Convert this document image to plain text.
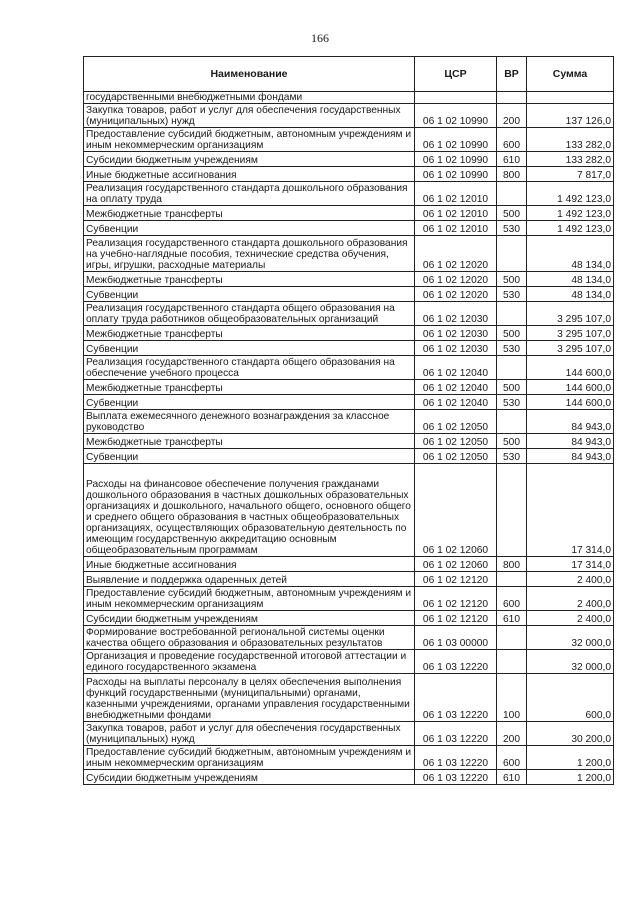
166
Наименование	ЦСР	ВР	Сумма
государственными внебюджетными фондами			
Закупка товаров, работ и услуг для обеспечения государственных (муниципальных) нужд	06 1 02 10990	200	137 126,0
Предоставление субсидий бюджетным, автономным учреждениям и иным некоммерческим организациям	06 1 02 10990	600	133 282,0
Субсидии бюджетным учреждениям	06 1 02 10990	610	133 282,0
Иные бюджетные ассигнования	06 1 02 10990	800	7 817,0
Реализация государственного стандарта дошкольного образования на оплату труда	06 1 02 12010		1 492 123,0
Межбюджетные трансферты	06 1 02 12010	500	1 492 123,0
Субвенции	06 1 02 12010	530	1 492 123,0
Реализация государственного стандарта дошкольного образования на учебно-наглядные пособия, технические средства обучения, игры, игрушки, расходные материалы	06 1 02 12020		48 134,0
Межбюджетные трансферты	06 1 02 12020	500	48 134,0
Субвенции	06 1 02 12020	530	48 134,0
Реализация государственного стандарта общего образования на оплату труда работников общеобразовательных организаций	06 1 02 12030		3 295 107,0
Межбюджетные трансферты	06 1 02 12030	500	3 295 107,0
Субвенции	06 1 02 12030	530	3 295 107,0
Реализация государственного стандарта общего образования на обеспечение учебного процесса	06 1 02 12040		144 600,0
Межбюджетные трансферты	06 1 02 12040	500	144 600,0
Субвенции	06 1 02 12040	530	144 600,0
Выплата ежемесячного денежного вознаграждения за классное руководство	06 1 02 12050		84 943,0
Межбюджетные трансферты	06 1 02 12050	500	84 943,0
Субвенции	06 1 02 12050	530	84 943,0
Расходы на финансовое обеспечение получения гражданами дошкольного образования в частных дошкольных образовательных организациях и дошкольного, начального общего, основного общего и среднего общего образования в частных общеобразовательных организациях, осуществляющих образовательную деятельность по имеющим государственную аккредитацию основным общеобразовательным программам	06 1 02 12060		17 314,0
Иные бюджетные ассигнования	06 1 02 12060	800	17 314,0
Выявление и поддержка одаренных детей	06 1 02 12120		2 400,0
Предоставление субсидий бюджетным, автономным учреждениям и иным некоммерческим организациям	06 1 02 12120	600	2 400,0
Субсидии бюджетным учреждениям	06 1 02 12120	610	2 400,0
Формирование востребованной региональной системы оценки качества общего образования и образовательных результатов	06 1 03 00000		32 000,0
Организация и проведение государственной итоговой аттестации и единого государственного экзамена	06 1 03 12220		32 000,0
Расходы на выплаты персоналу в целях обеспечения выполнения функций государственными (муниципальными) органами, казенными учреждениями, органами управления государственными внебюджетными фондами	06 1 03 12220	100	600,0
Закупка товаров, работ и услуг для обеспечения государственных (муниципальных) нужд	06 1 03 12220	200	30 200,0
Предоставление субсидий бюджетным, автономным учреждениям и иным некоммерческим организациям	06 1 03 12220	600	1 200,0
Субсидии бюджетным учреждениям	06 1 03 12220	610	1 200,0
